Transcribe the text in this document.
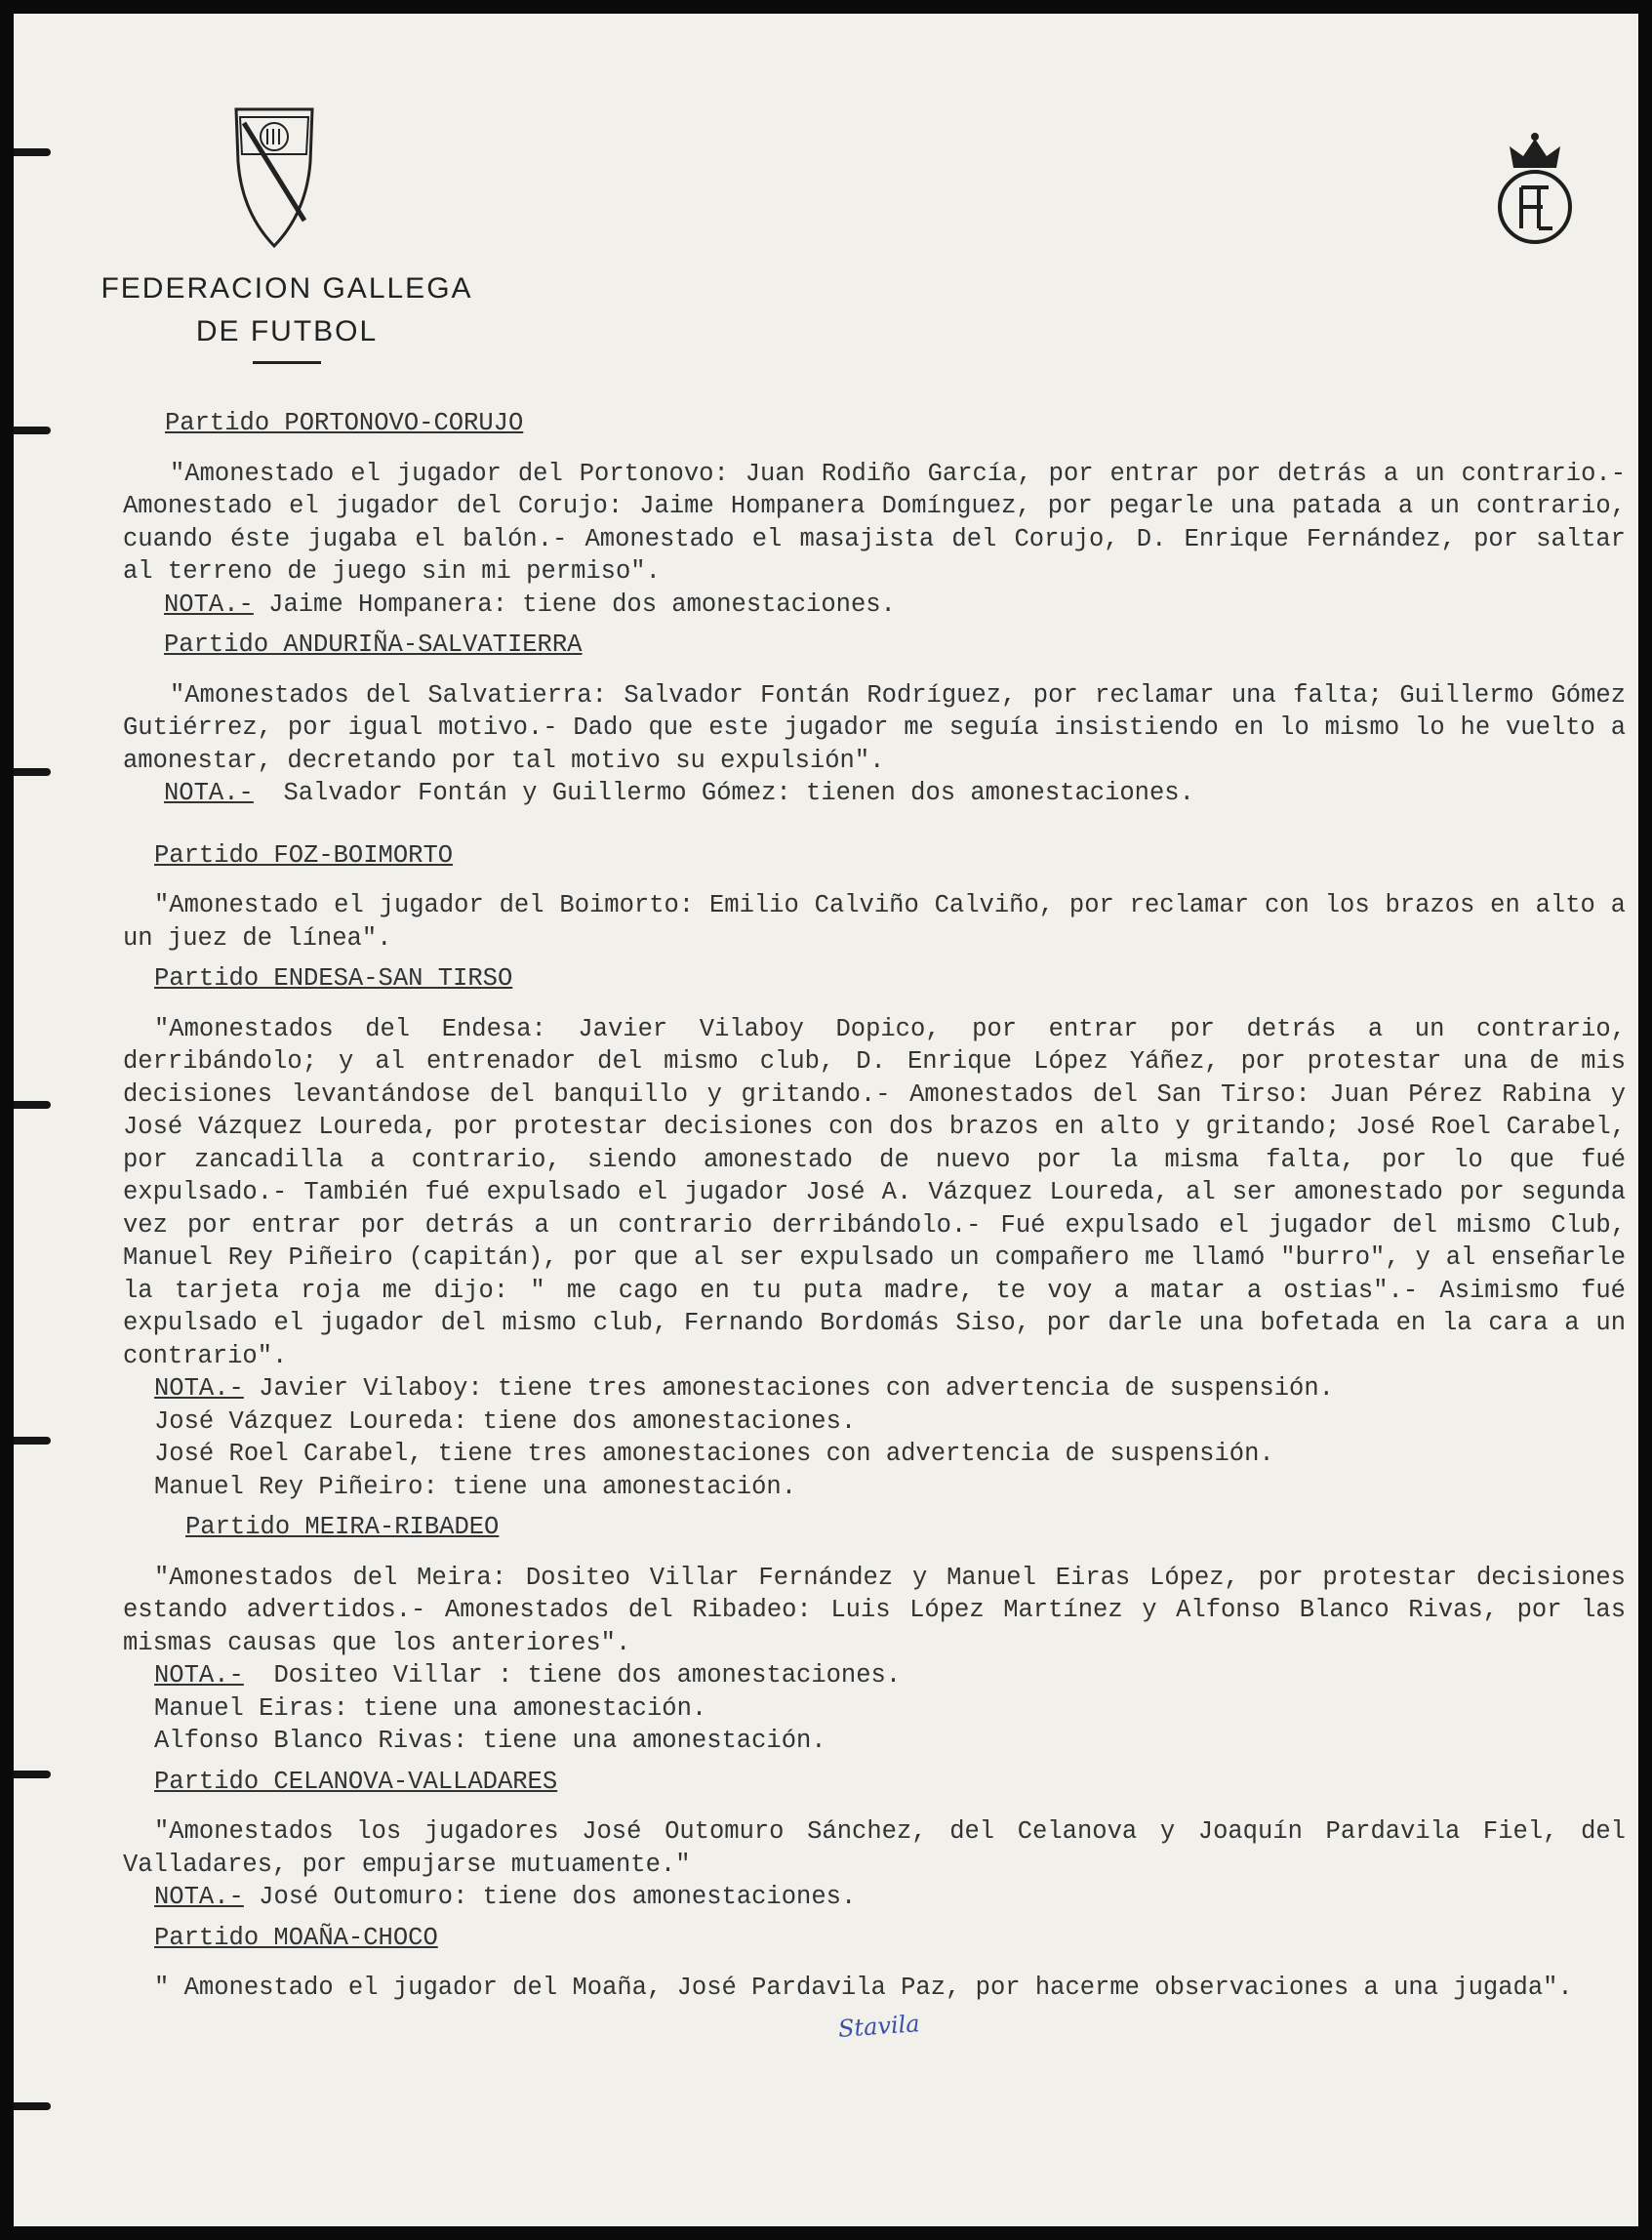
FEDERACION GALLEGA
DE FUTBOL

Partido PORTONOVO-CORUJO

"Amonestado el jugador del Portonovo: Juan Rodiño García, por entrar por detrás a un contrario.- Amonestado el jugador del Corujo: Jaime Hompanera Domínguez, por pegarle una patada a un contrario, cuando éste jugaba el balón.- Amonestado el masajista del Corujo, D. Enrique Fernández, por saltar al terreno de juego sin mi permiso".

NOTA.- Jaime Hompanera: tiene dos amonestaciones.

Partido ANDURIÑA-SALVATIERRA

"Amonestados del Salvatierra: Salvador Fontán Rodríguez, por reclamar una falta; Guillermo Gómez Gutiérrez, por igual motivo.- Dado que este jugador me seguía insistiendo en lo mismo lo he vuelto a amonestar, decretando por tal motivo su expulsión".

NOTA.- Salvador Fontán y Guillermo Gómez: tienen dos amonestaciones.

Partido FOZ-BOIMORTO

"Amonestado el jugador del Boimorto: Emilio Calviño Calviño, por reclamar con los brazos en alto a un juez de línea".

Partido ENDESA-SAN TIRSO

"Amonestados del Endesa: Javier Vilaboy Dopico, por entrar por detrás a un contrario, derribándolo; y al entrenador del mismo club, D. Enrique López Yáñez, por protestar una de mis decisiones levantándose del banquillo y gritando.- Amonestados del San Tirso: Juan Pérez Rabina y José Vázquez Loureda, por protestar decisiones con dos brazos en alto y gritando; José Roel Carabel, por zancadilla a contrario, siendo amonestado de nuevo por la misma falta, por lo que fué expulsado.- También fué expulsado el jugador José A. Vázquez Loureda, al ser amonestado por segunda vez por entrar por detrás a un contrario derribándolo.- Fué expulsado el jugador del mismo Club, Manuel Rey Piñeiro (capitán), por que al ser expulsado un compañero me llamó "burro", y al enseñarle la tarjeta roja me dijo: " me cago en tu puta madre, te voy a matar a ostias".- Asimismo fué expulsado el jugador del mismo club, Fernando Bordomás Siso, por darle una bofetada en la cara a un contrario".

NOTA.- Javier Vilaboy: tiene tres amonestaciones con advertencia de suspensión.

José Vázquez Loureda: tiene dos amonestaciones.

José Roel Carabel, tiene tres amonestaciones con advertencia de suspensión.

Manuel Rey Piñeiro: tiene una amonestación.

Partido MEIRA-RIBADEO

"Amonestados del Meira: Dositeo Villar Fernández y Manuel Eiras López, por protestar decisiones estando advertidos.- Amonestados del Ribadeo: Luis López Martínez y Alfonso Blanco Rivas, por las mismas causas que los anteriores".

NOTA.- Dositeo Villar : tiene dos amonestaciones.

Manuel Eiras: tiene una amonestación.

Alfonso Blanco Rivas: tiene una amonestación.

Partido CELANOVA-VALLADARES

"Amonestados los jugadores José Outomuro Sánchez, del Celanova y Joaquín Pardavila Fiel, del Valladares, por empujarse mutuamente."

NOTA.- José Outomuro: tiene dos amonestaciones.

Partido MOAÑA-CHOCO

" Amonestado el jugador del Moaña, José Pardavila Paz, por hacerme observaciones a una jugada".

Stavila
